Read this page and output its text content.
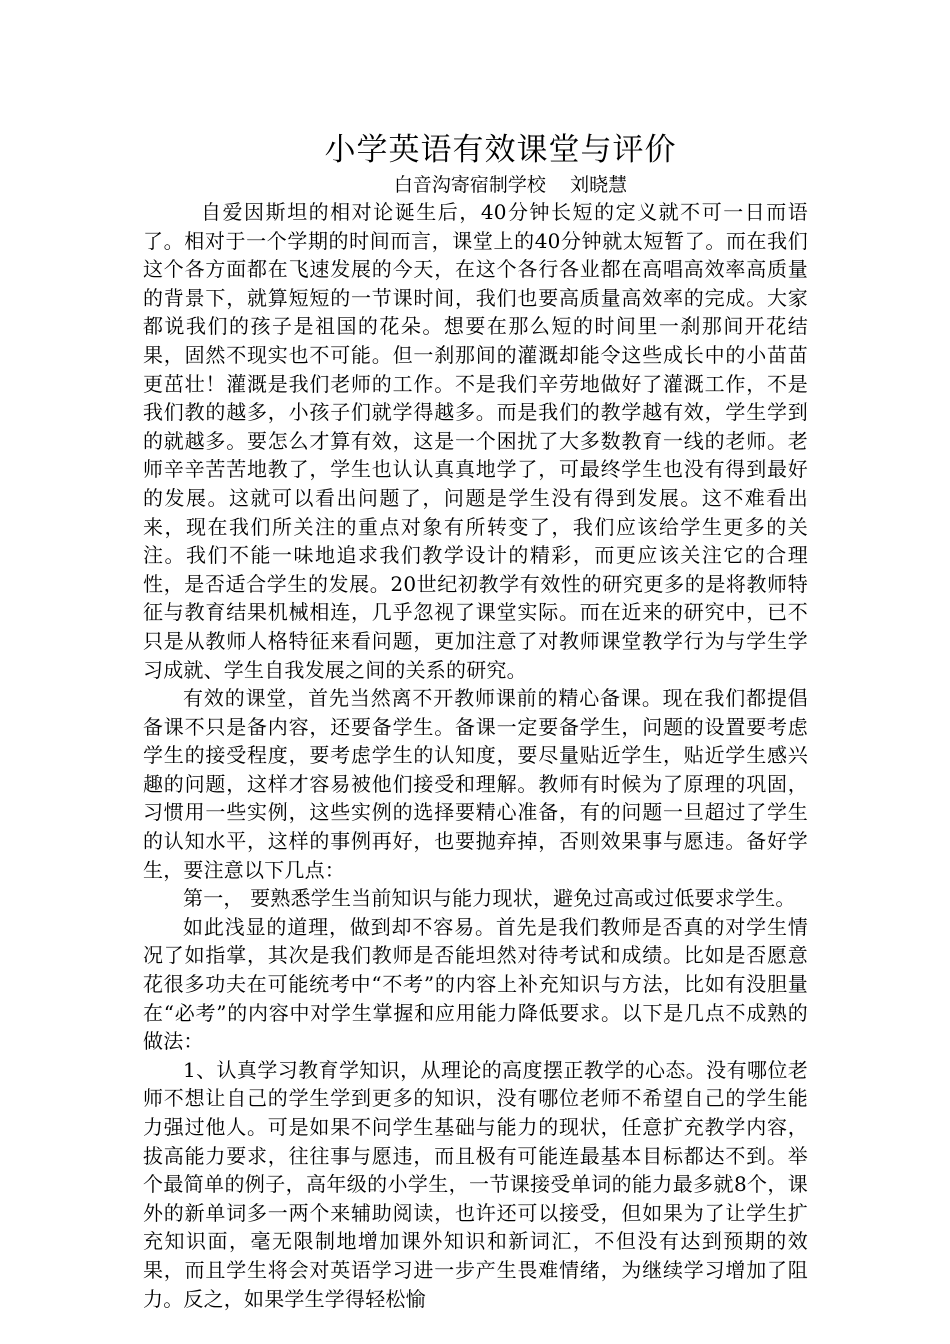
小学英语有效课堂与评价

白音沟寄宿制学校    刘晓慧

自爱因斯坦的相对论诞生后，40分钟长短的定义就不可一日而语了。相对于一个学期的时间而言，课堂上的40分钟就太短暂了。而在我们这个各方面都在飞速发展的今天，在这个各行各业都在高唱高效率高质量的背景下，就算短短的一节课时间，我们也要高质量高效率的完成。大家都说我们的孩子是祖国的花朵。想要在那么短的时间里一刹那间开花结果，固然不现实也不可能。但一刹那间的灌溉却能令这些成长中的小苗苗更茁壮！灌溉是我们老师的工作。不是我们辛劳地做好了灌溉工作，不是我们教的越多，小孩子们就学得越多。而是我们的教学越有效，学生学到的就越多。要怎么才算有效，这是一个困扰了大多数教育一线的老师。老师辛辛苦苦地教了，学生也认认真真地学了，可最终学生也没有得到最好的发展。这就可以看出问题了，问题是学生没有得到发展。这不难看出来，现在我们所关注的重点对象有所转变了，我们应该给学生更多的关注。我们不能一味地追求我们教学设计的精彩，而更应该关注它的合理性，是否适合学生的发展。20世纪初教学有效性的研究更多的是将教师特征与教育结果机械相连，几乎忽视了课堂实际。而在近来的研究中，已不只是从教师人格特征来看问题，更加注意了对教师课堂教学行为与学生学习成就、学生自我发展之间的关系的研究。

有效的课堂，首先当然离不开教师课前的精心备课。现在我们都提倡备课不只是备内容，还要备学生。备课一定要备学生，问题的设置要考虑学生的接受程度，要考虑学生的认知度，要尽量贴近学生，贴近学生感兴趣的问题，这样才容易被他们接受和理解。教师有时候为了原理的巩固，习惯用一些实例，这些实例的选择要精心准备，有的问题一旦超过了学生的认知水平，这样的事例再好，也要抛弃掉，否则效果事与愿违。备好学生，要注意以下几点：

第一， 要熟悉学生当前知识与能力现状，避免过高或过低要求学生。

如此浅显的道理，做到却不容易。首先是我们教师是否真的对学生情况了如指掌，其次是我们教师是否能坦然对待考试和成绩。比如是否愿意花很多功夫在可能统考中“不考”的内容上补充知识与方法，比如有没胆量在“必考”的内容中对学生掌握和应用能力降低要求。以下是几点不成熟的做法：

1、认真学习教育学知识，从理论的高度摆正教学的心态。没有哪位老师不想让自己的学生学到更多的知识，没有哪位老师不希望自己的学生能力强过他人。可是如果不问学生基础与能力的现状，任意扩充教学内容，拔高能力要求，往往事与愿违，而且极有可能连最基本目标都达不到。举个最简单的例子，高年级的小学生，一节课接受单词的能力最多就8个，课外的新单词多一两个来辅助阅读，也许还可以接受，但如果为了让学生扩充知识面，毫无限制地增加课外知识和新词汇，不但没有达到预期的效果，而且学生将会对英语学习进一步产生畏难情绪，为继续学习增加了阻力。反之，如果学生学得轻松愉
